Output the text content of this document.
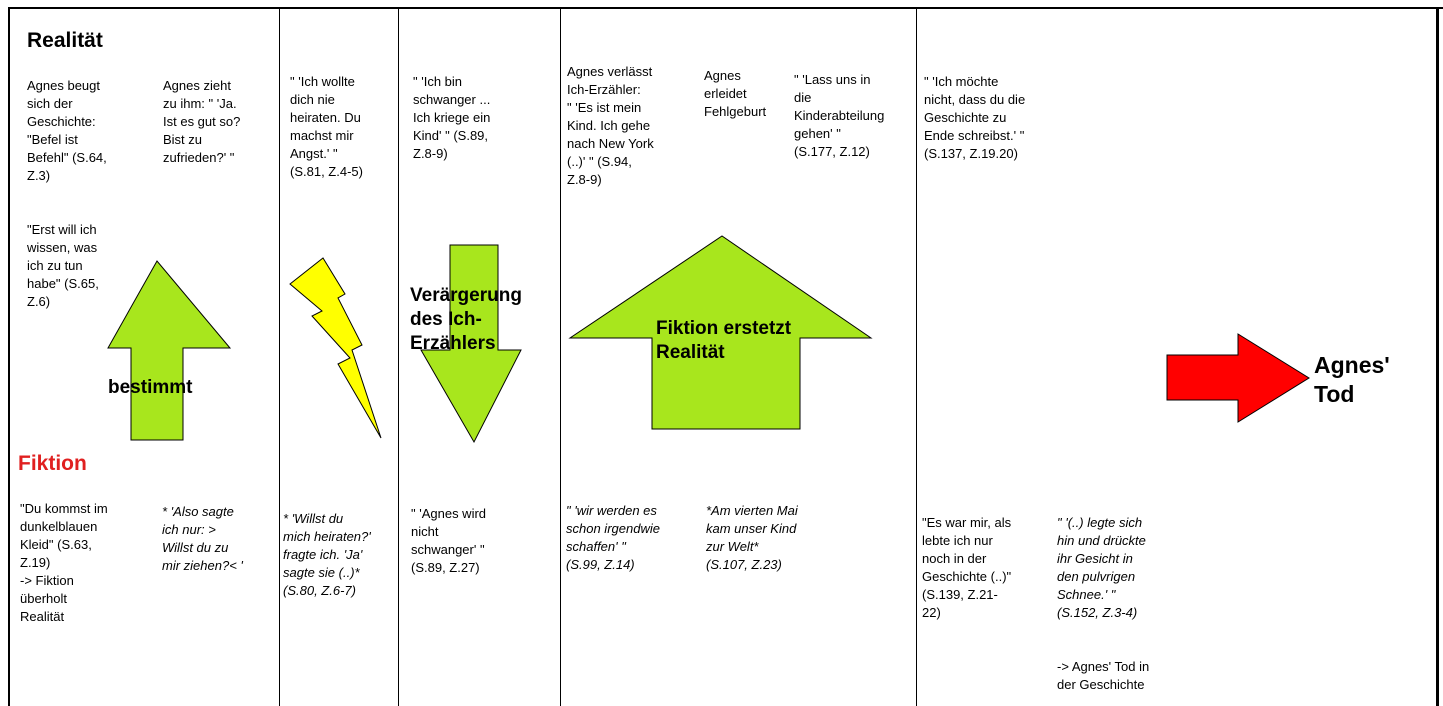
Realität
Fiktion
Agnes beugt
sich der
Geschichte:
"Befel ist
Befehl" (S.64,
Z.3)
"Erst will ich
wissen, was
ich zu tun
habe" (S.65,
Z.6)
Agnes zieht
zu ihm: " 'Ja.
Ist es gut so?
Bist zu
zufrieden?' "
" 'Ich wollte
dich nie
heiraten. Du
machst mir
Angst.' "
(S.81, Z.4-5)
" 'Ich bin
schwanger ...
Ich kriege ein
Kind' " (S.89,
Z.8-9)
Agnes verlässt
Ich-Erzähler:
" 'Es ist mein
Kind. Ich gehe
nach New York
(..)' " (S.94,
Z.8-9)
Agnes
erleidet
Fehlgeburt
" 'Lass uns in
die
Kinderabteilung
gehen' "
(S.177, Z.12)
" 'Ich möchte
nicht, dass du die
Geschichte zu
Ende schreibst.' "
(S.137, Z.19.20)
bestimmt
Verärgerung
des Ich-
Erzählers
Fiktion erstetzt
Realität	Agnes'
Tod
"Du kommst im
dunkelblauen
Kleid" (S.63,
Z.19)
-> Fiktion
überholt
Realität
* 'Also sagte
ich nur: >
Willst du zu
mir ziehen?< '
* 'Willst du
mich heiraten?'
fragte ich. 'Ja'
sagte sie (..)*
(S.80, Z.6-7)
" 'Agnes wird
nicht
schwanger' "
(S.89, Z.27)
" 'wir werden es
schon irgendwie
schaffen' "
(S.99, Z.14)
*Am vierten Mai
kam unser Kind
zur Welt*
(S.107, Z.23)
"Es war mir, als
lebte ich nur
noch in der
Geschichte (..)"
(S.139, Z.21-
22)
" '(..) legte sich
hin und drückte
ihr Gesicht in
den pulvrigen
Schnee.' "
(S.152, Z.3-4)
-> Agnes' Tod in
der Geschichte
